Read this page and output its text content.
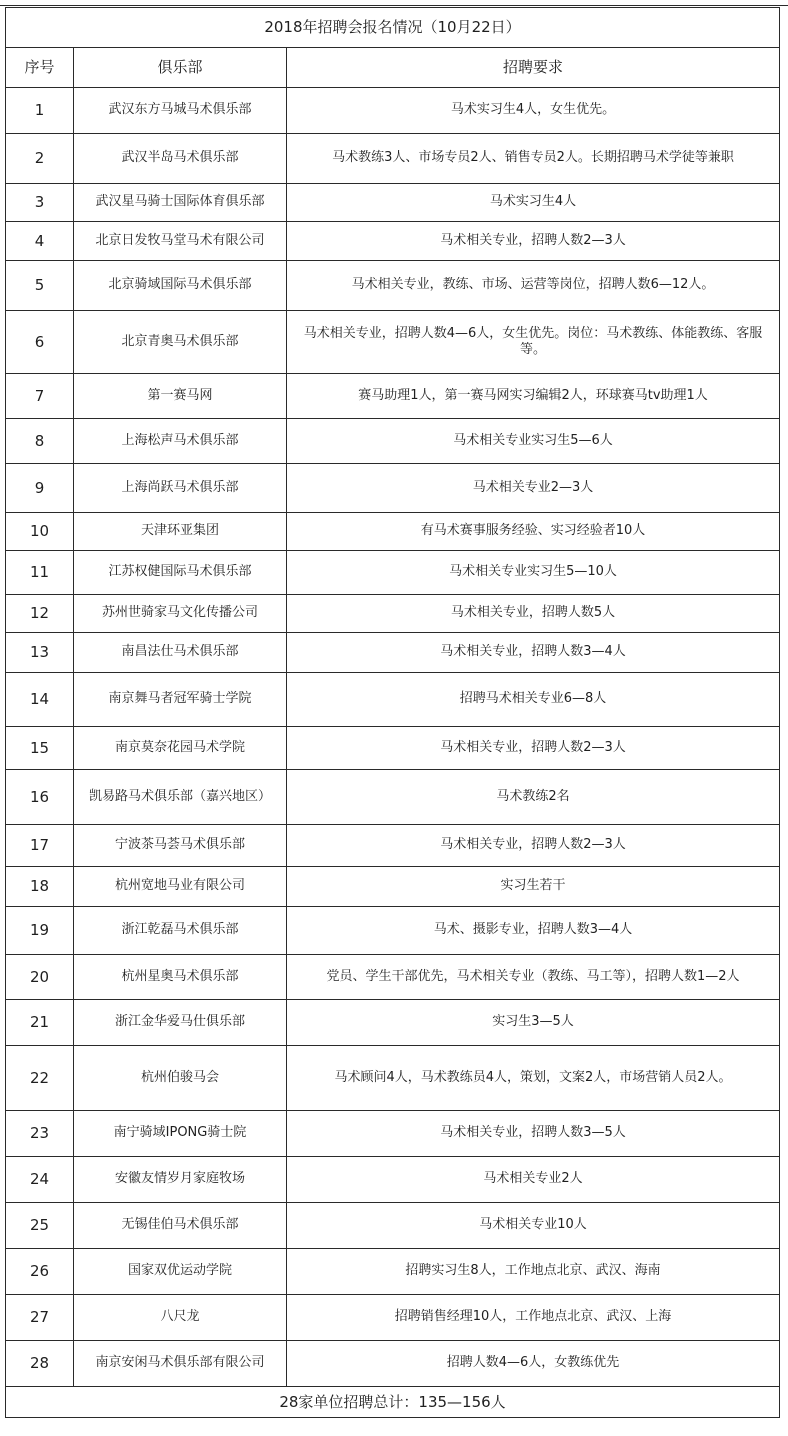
2018年招聘会报名情况（10月22日）		
序号	俱乐部	招聘要求
1	武汉东方马城马术俱乐部	马术实习生4人，女生优先。
2	武汉半岛马术俱乐部	马术教练3人、市场专员2人、销售专员2人。长期招聘马术学徒等兼职
3	武汉星马骑士国际体育俱乐部	马术实习生4人
4	北京日发牧马堂马术有限公司	马术相关专业，招聘人数2—3人
5	北京骑域国际马术俱乐部	马术相关专业，教练、市场、运营等岗位，招聘人数6—12人。
6	北京青奥马术俱乐部	马术相关专业，招聘人数4—6人，女生优先。岗位：马术教练、体能教练、客服等。
7	第一赛马网	赛马助理1人，第一赛马网实习编辑2人，环球赛马tv助理1人
8	上海松声马术俱乐部	马术相关专业实习生5—6人
9	上海尚跃马术俱乐部	马术相关专业2—3人
10	天津环亚集团	有马术赛事服务经验、实习经验者10人
11	江苏权健国际马术俱乐部	马术相关专业实习生5—10人
12	苏州世骑家马文化传播公司	马术相关专业，招聘人数5人
13	南昌法仕马术俱乐部	马术相关专业，招聘人数3—4人
14	南京舞马者冠军骑士学院	招聘马术相关专业6—8人
15	南京莫奈花园马术学院	马术相关专业，招聘人数2—3人
16	凯易路马术俱乐部（嘉兴地区）	马术教练2名
17	宁波茶马荟马术俱乐部	马术相关专业，招聘人数2—3人
18	杭州宽地马业有限公司	实习生若干
19	浙江乾磊马术俱乐部	马术、摄影专业，招聘人数3—4人
20	杭州星奥马术俱乐部	党员、学生干部优先，马术相关专业（教练、马工等），招聘人数1—2人
21	浙江金华爱马仕俱乐部	实习生3—5人
22	杭州伯骏马会	马术顾问4人，马术教练员4人，策划，文案2人，市场营销人员2人。
23	南宁骑域IPONG骑士院	马术相关专业，招聘人数3—5人
24	安徽友情岁月家庭牧场	马术相关专业2人
25	无锡佳伯马术俱乐部	马术相关专业10人
26	国家双优运动学院	招聘实习生8人，工作地点北京、武汉、海南
27	八尺龙	招聘销售经理10人，工作地点北京、武汉、上海
28	南京安闲马术俱乐部有限公司	招聘人数4—6人，女教练优先
28家单位招聘总计：135—156人		
